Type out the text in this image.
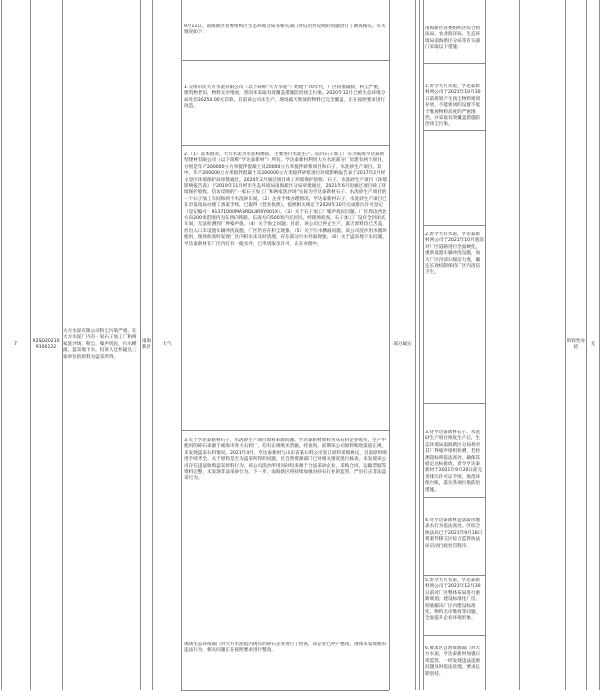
7
X2SD20210 9100122
大方水泥有限公司粉尘污染严重。在大方水泥厂内有一家石子加工厂和两家洗沙场，粉尘、噪声扰民，污水横溢，蓝采地下水。投诉人还怀疑这三家单位的原料为盗采所得。
南海新区
大气
9月11日，南海新区管委组织区生态环境分局等相关部门对信访件反映的问题进行了调查核实，有关情况如下：
1.交组市民大方水泥有限公司（以下简称“大方水泥”）始建于70年代，厂区粉墨破损，积尘严重，建筑物老旧，物料无序堆放，曾因未采取有效覆盖措施防治扬尘污染。2020年12月已被生态环境分局处罚36250.00元罚款。目前该公司未生产，现场露天堆放的物料已完全覆盖，正在按照要求进行改造。
2.（1）基本情况。大方水泥为水泥粉磨站，主要进行水泥生产。院内石子加工厂实为威海亨达泰新型建材有限公司（以下简称“亨达泰新材”）所有。亨达泰新材利用大方水泥部分厂房建有两个项目，分别是年产200000立方米搅拌混凝土及20000立方米搅拌砂浆项目和石子、水洗砂生产项目。其中，年产200000立方米搅拌混凝土及200000立方米搅拌砂浆项目环境影响报告表于2017年2月经文登区环境保护局审批通过。2020年2月通过项目竣工环境保护验收；石子、水洗砂生产项目《环境影响报告表》于2019年11月经市生态环境局南海新区分局审批通过，2021年6月份通过项目竣工环境保护验收。信访反映的“一家石子加工厂和两家洗沙场”实际为亨达泰新材石子、水洗砂生产项目的一个石子加工车间和两个水洗砂车间。（2）企业手续办理情况。亨达泰新材石子、水洗砂生产项目已在市发改局办理了备案手续，已取得《营业执照》。按照相关规定于2020年10月完成排污许可登记（登记编号：91371000MA3RDL4R0Y001X）。（3）关于石子加工厂噪声扰民问题。厂区周边西北方向200米范围内为东西向铁路，东南方向500米内无居民。经现场检查，石子加工厂设有全封闭式车间，无法检测到厂界噪声值。（4）关于扬尘问题。目前，该公司已停止生产，露天原料均已苫盖，但出入口未设置车辆冲洗设施，厂区仍存在积尘现象。（5）关于污水横溢问题。该公司洗沙用水循环使用，现场检查时发现厂区内积水未及时清理，存在部分污水外溢现象。（6）关于盗采地下水问题。亨达泰新材在厂区内打有一眼水井，已申请取水许可，正在办理中。
3.关于亨达泰新材石子、水洗砂生产项目原料来源问题。亨达泰新材原料为从石料企业购买，生产中使用的碎石来源于威海市各大石料厂，均有正规购买票据。经查询，前期该公司原料购进渠道正规，未发现盗采石料情况。2021年4月，亨达泰新材与山东省某石料公司签订原料采购协议，目前原料购进手续齐全。关于原料是否为盗采所得的问题，区自然资源部门已对相关情况进行核查，未发现该公司存在违法收购盗采原料行为。该公司洗沙所用河砂均来源于合法采砂企业，采购合同、运输票据等资料完整，未发现非法采砂行为。下一步，南海新区将持续加强对砂石行业的监管，严厉打击非法盗采行为。
现场生态环境部门对大方水泥院内现有的砂石企业进行了检查，该企业已停产整改，现场未发现新的违法行为，相关问题正在按照要求进行整改。
部分属实
南海新区管委组织区综合执法局、农业海洋局、生态环境局南海新区分局等有关部门采取以下措施：
1.责令大方水泥、亨达泰新材两公司于2021年10月30日前将原产生扬尘物料密闭存放，不能密闭的设置不低于堆放物料高度的严密围挡，并采取有效覆盖措施防治扬尘污染。
2.责令大方水泥、亨达泰新材两公司于2021年10月底前对厂区道路进行全面硬化，重新设置车辆冲洗设施，加大厂区内清扫保洁力度，确定长效机制保持厂区内清洁卫生。
3.待亨达泰新材石子、水洗砂生产项目恢复生产后，生态环境局南海新区分局将对其厂界噪声组织检测，若检测超标将依法查处，确保其稳定达标排放。责令亨达泰新材于2021年9月20日前完善排污许可证手续，规范环保台账，落实各项污染防治措施。
4.对亨达泰新材违法取用地表水行为依法查处。区综合执法局已于2021年9月18日将案件移交区综合监管执法局启动行政处罚程序。
5.责令大方水泥、亨达泰新材两公司于2021年12月30日前对厂区整体布局进行重新规划，建设标准化厂房，彻底解决厂区内建设标准化、物料无序堆放等问题，全面提升企业环境形象。
6.要求区自然资源部门对大方水泥、亨达泰新材加强日常监管，一经发现违法违规问题及时依法处理，要求长期坚持。
阶段性办结
无
